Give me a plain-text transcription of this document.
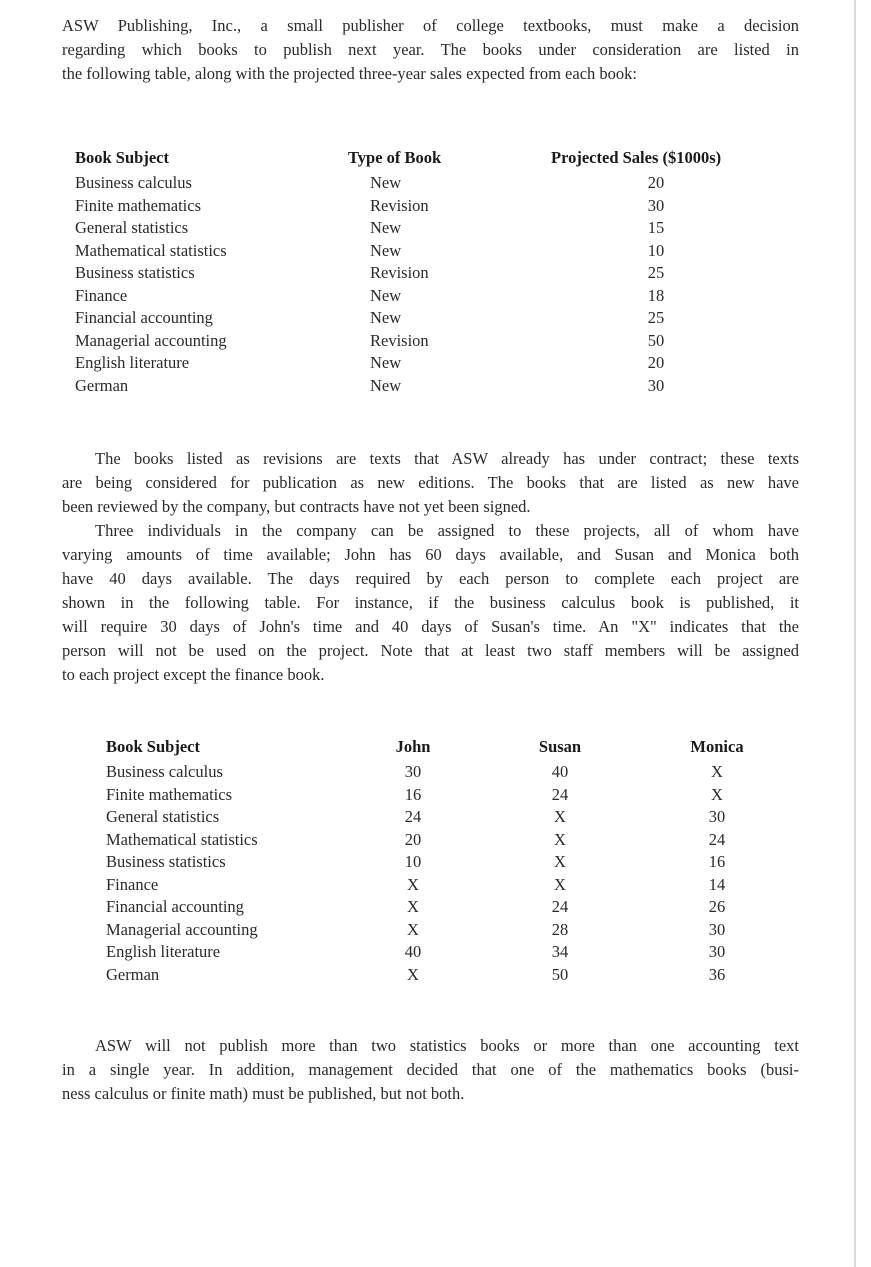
ASW Publishing, Inc., a small publisher of college textbooks, must make a decision
regarding which books to publish next year. The books under consideration are listed in
the following table, along with the projected three-year sales expected from each book:
Book Subject	Type of Book	Projected Sales ($1000s)
Business calculus	New	20
Finite mathematics	Revision	30
General statistics	New	15
Mathematical statistics	New	10
Business statistics	Revision	25
Finance	New	18
Financial accounting	New	25
Managerial accounting	Revision	50
English literature	New	20
German	New	30
The books listed as revisions are texts that ASW already has under contract; these texts
are being considered for publication as new editions. The books that are listed as new have
been reviewed by the company, but contracts have not yet been signed.
Three individuals in the company can be assigned to these projects, all of whom have
varying amounts of time available; John has 60 days available, and Susan and Monica both
have 40 days available. The days required by each person to complete each project are
shown in the following table. For instance, if the business calculus book is published, it
will require 30 days of John's time and 40 days of Susan's time. An "X" indicates that the
person will not be used on the project. Note that at least two staff members will be assigned
to each project except the finance book.
Book Subject	John	Susan	Monica
Business calculus	30	40	X
Finite mathematics	16	24	X
General statistics	24	X	30
Mathematical statistics	20	X	24
Business statistics	10	X	16
Finance	X	X	14
Financial accounting	X	24	26
Managerial accounting	X	28	30
English literature	40	34	30
German	X	50	36
ASW will not publish more than two statistics books or more than one accounting text
in a single year. In addition, management decided that one of the mathematics books (busi-
ness calculus or finite math) must be published, but not both.
